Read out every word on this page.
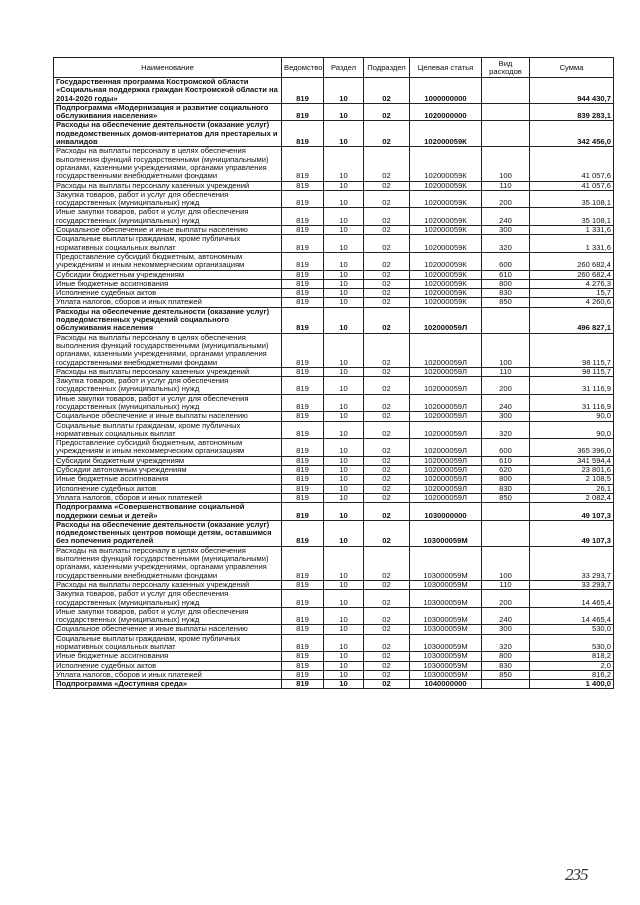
Наименование	Ведомство	Раздел	Подраздел	Целевая статья	Вид расходов	Сумма
Государственная программа Костромской области «Социальная поддержка граждан Костромской области на 2014-2020 годы»	819	10	02	1000000000		944 430,7
Подпрограмма «Модернизация и развитие социального обслуживания населения»	819	10	02	1020000000		839 283,1
Расходы на обеспечение деятельности (оказание услуг) подведомственных домов-интернатов для престарелых и инвалидов	819	10	02	102000059К		342 456,0
Расходы на выплаты персоналу в целях обеспечения выполнения функций государственными (муниципальными) органами, казенными учреждениями, органами управления государственными внебюджетными фондами	819	10	02	102000059К	100	41 057,6
Расходы на выплаты персоналу казенных учреждений	819	10	02	102000059К	110	41 057,6
Закупка товаров, работ и услуг для обеспечения государственных (муниципальных) нужд	819	10	02	102000059К	200	35 108,1
Иные закупки товаров, работ и услуг для обеспечения государственных (муниципальных) нужд	819	10	02	102000059К	240	35 108,1
Социальное обеспечение и иные выплаты населению	819	10	02	102000059К	300	1 331,6
Социальные выплаты гражданам, кроме публичных нормативных социальных выплат	819	10	02	102000059К	320	1 331,6
Предоставление субсидий бюджетным, автономным учреждениям и иным некоммерческим организациям	819	10	02	102000059К	600	260 682,4
Субсидии бюджетным учреждениям	819	10	02	102000059К	610	260 682,4
Иные бюджетные ассигнования	819	10	02	102000059К	800	4 276,3
Исполнение судебных актов	819	10	02	102000059К	830	15,7
Уплата налогов, сборов и иных платежей	819	10	02	102000059К	850	4 260,6
Расходы на обеспечение деятельности (оказание услуг) подведомственных учреждений социального обслуживания населения	819	10	02	102000059Л		496 827,1
Расходы на выплаты персоналу в целях обеспечения выполнения функций государственными (муниципальными) органами, казенными учреждениями, органами управления государственными внебюджетными фондами	819	10	02	102000059Л	100	98 115,7
Расходы на выплаты персоналу казенных учреждений	819	10	02	102000059Л	110	98 115,7
Закупка товаров, работ и услуг для обеспечения государственных (муниципальных) нужд	819	10	02	102000059Л	200	31 116,9
Иные закупки товаров, работ и услуг для обеспечения государственных (муниципальных) нужд	819	10	02	102000059Л	240	31 116,9
Социальное обеспечение и иные выплаты населению	819	10	02	102000059Л	300	90,0
Социальные выплаты гражданам, кроме публичных нормативных социальных выплат	819	10	02	102000059Л	320	90,0
Предоставление субсидий бюджетным, автономным учреждениям и иным некоммерческим организациям	819	10	02	102000059Л	600	365 396,0
Субсидии бюджетным учреждениям	819	10	02	102000059Л	610	341 594,4
Субсидии автономным учреждениям	819	10	02	102000059Л	620	23 801,6
Иные бюджетные ассигнования	819	10	02	102000059Л	800	2 108,5
Исполнение судебных актов	819	10	02	102000059Л	830	26,1
Уплата налогов, сборов и иных платежей	819	10	02	102000059Л	850	2 082,4
Подпрограмма «Совершенствование социальной поддержки семьи и детей»	819	10	02	1030000000		49 107,3
Расходы на обеспечение деятельности (оказание услуг) подведомственных центров помощи детям, оставшимся без попечения родителей	819	10	02	103000059М		49 107,3
Расходы на выплаты персоналу в целях обеспечения выполнения функций государственными (муниципальными) органами, казенными учреждениями, органами управления государственными внебюджетными фондами	819	10	02	103000059М	100	33 293,7
Расходы на выплаты персоналу казенных учреждений	819	10	02	103000059М	110	33 293,7
Закупка товаров, работ и услуг для обеспечения государственных (муниципальных) нужд	819	10	02	103000059М	200	14 465,4
Иные закупки товаров, работ и услуг для обеспечения государственных (муниципальных) нужд	819	10	02	103000059М	240	14 465,4
Социальное обеспечение и иные выплаты населению	819	10	02	103000059М	300	530,0
Социальные выплаты гражданам, кроме публичных нормативных социальных выплат	819	10	02	103000059М	320	530,0
Иные бюджетные ассигнования	819	10	02	103000059М	800	818,2
Исполнение судебных актов	819	10	02	103000059М	830	2,0
Уплата налогов, сборов и иных платежей	819	10	02	103000059М	850	816,2
Подпрограмма «Доступная среда»	819	10	02	1040000000		1 400,0
235
